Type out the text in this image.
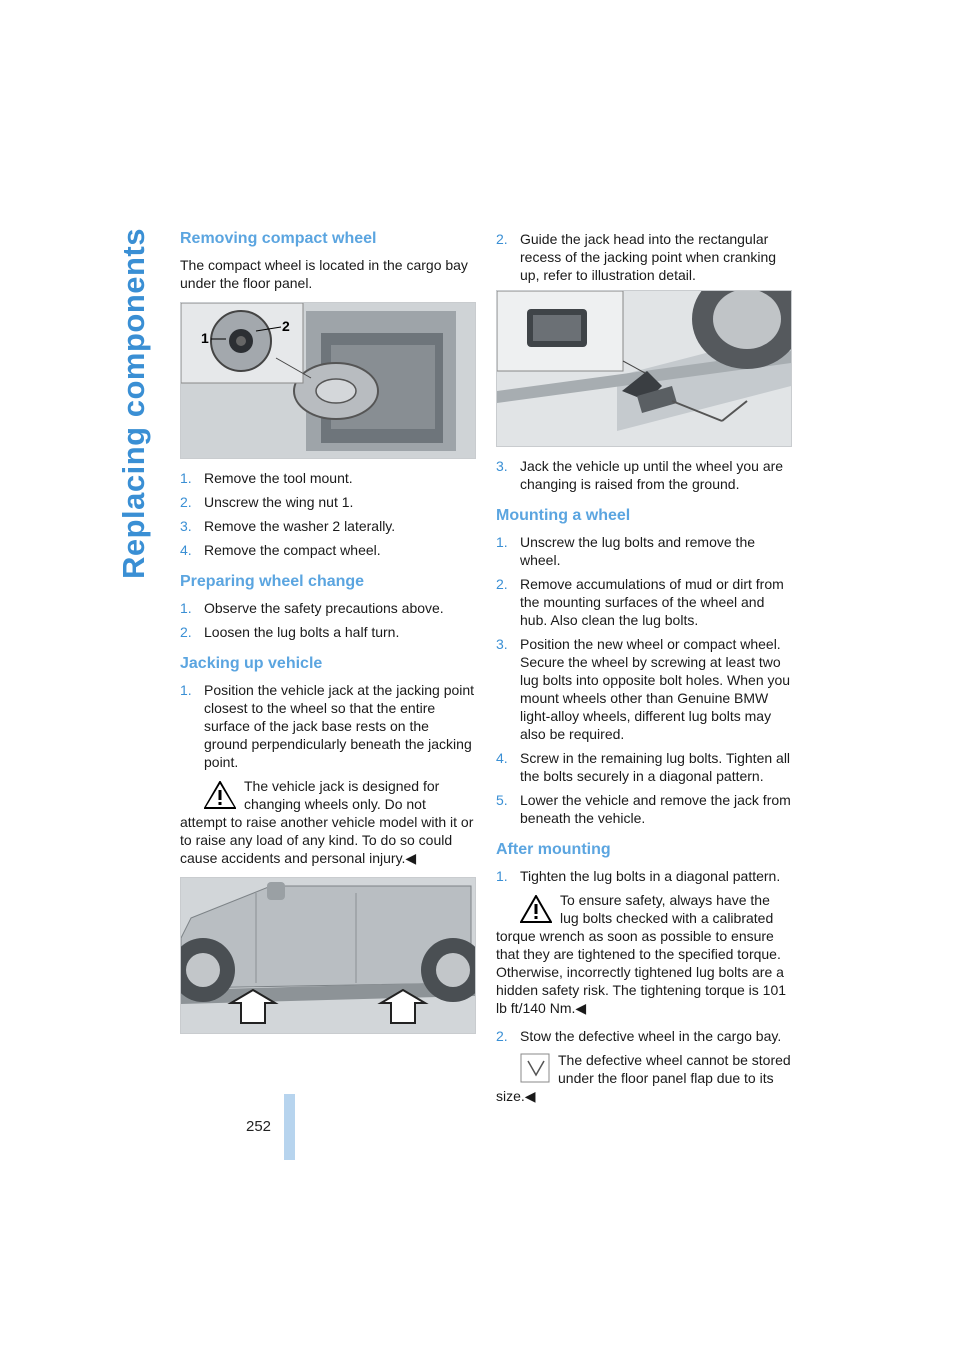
Replacing components
252
Removing compact wheel

The compact wheel is located in the cargo bay under the floor panel.

1
2
1. Remove the tool mount.
2. Unscrew the wing nut 1.
3. Remove the washer 2 laterally.
4. Remove the compact wheel.
Preparing wheel change
1. Observe the safety precautions above.
2. Loosen the lug bolts a half turn.
Jacking up vehicle
1. Position the vehicle jack at the jacking point closest to the wheel so that the entire surface of the jack base rests on the ground perpendicularly beneath the jacking point.
The vehicle jack is designed for changing wheels only. Do not attempt to raise another vehicle model with it or to raise any load of any kind. To do so could cause accidents and personal injury.◀
2. Guide the jack head into the rectangular recess of the jacking point when cranking up, refer to illustration detail.
3. Jack the vehicle up until the wheel you are changing is raised from the ground.
Mounting a wheel
1. Unscrew the lug bolts and remove the wheel.
2. Remove accumulations of mud or dirt from the mounting surfaces of the wheel and hub. Also clean the lug bolts.
3. Position the new wheel or compact wheel. Secure the wheel by screwing at least two lug bolts into opposite bolt holes. When you mount wheels other than Genuine BMW light-alloy wheels, different lug bolts may also be required.
4. Screw in the remaining lug bolts. Tighten all the bolts securely in a diagonal pattern.
5. Lower the vehicle and remove the jack from beneath the vehicle.
After mounting
1. Tighten the lug bolts in a diagonal pattern.
To ensure safety, always have the lug bolts checked with a calibrated torque wrench as soon as possible to ensure that they are tightened to the specified torque. Otherwise, incorrectly tightened lug bolts are a hidden safety risk. The tightening torque is 101 lb ft/140 Nm.◀
2. Stow the defective wheel in the cargo bay.
The defective wheel cannot be stored under the floor panel flap due to its size.◀
